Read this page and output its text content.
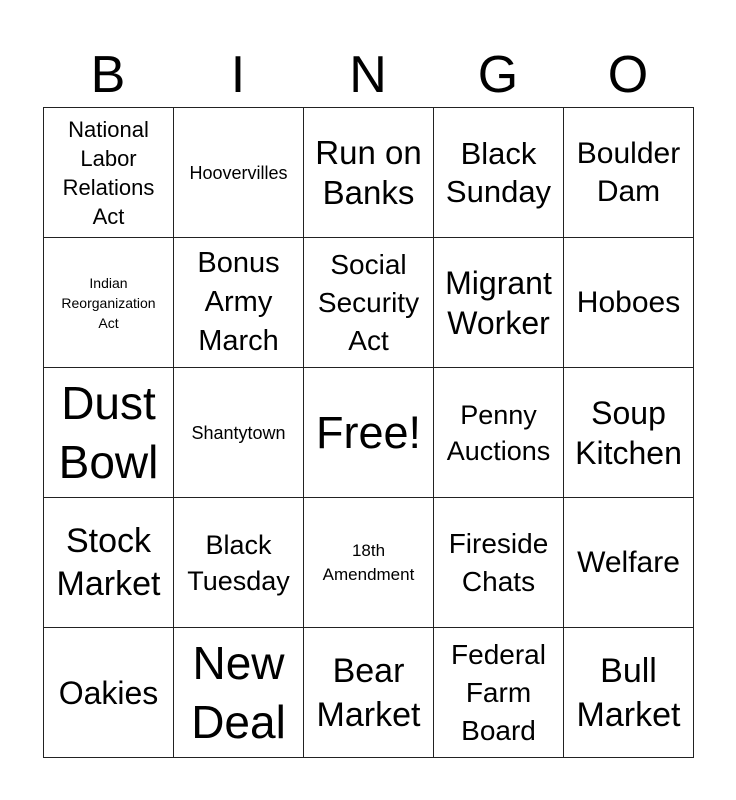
B	I	N	G	O
National
Labor
Relations
Act	Hoovervilles	Run on
Banks	Black
Sunday	Boulder
Dam

Indian
Reorganization
Act	Bonus
Army
March	Social
Security
Act	Migrant
Worker	Hoboes

Dust
Bowl	Shantytown	Free!	Penny
Auctions	Soup
Kitchen

Stock
Market	Black
Tuesday	18th
Amendment	Fireside
Chats	Welfare

Oakies	New
Deal	Bear
Market	Federal
Farm
Board	Bull
Market
